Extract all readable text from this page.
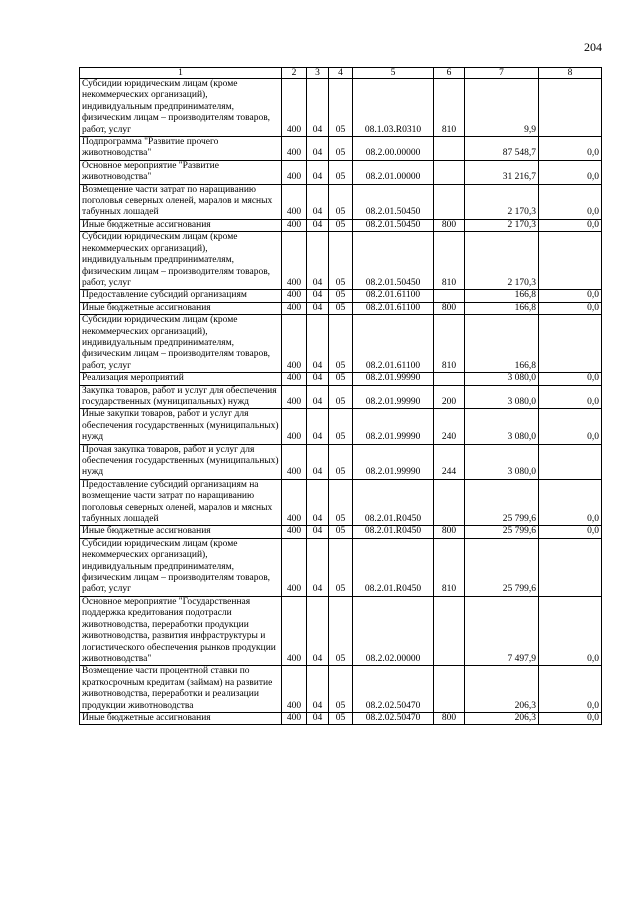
204
1	2	3	4	5	6	7	8
Субсидии юридическим лицам (кроме некоммерческих организаций), индивидуальным предпринимателям, физическим лицам – производителям товаров, работ, услуг	400	04	05	08.1.03.R0310	810	9,9	
Подпрограмма "Развитие прочего животноводства"	400	04	05	08.2.00.00000		87 548,7	0,0
Основное мероприятие "Развитие животноводства"	400	04	05	08.2.01.00000		31 216,7	0,0
Возмещение части затрат по наращиванию поголовья северных оленей, маралов и мясных табунных лошадей	400	04	05	08.2.01.50450		2 170,3	0,0
Иные бюджетные ассигнования	400	04	05	08.2.01.50450	800	2 170,3	0,0
Субсидии юридическим лицам (кроме некоммерческих организаций), индивидуальным предпринимателям, физическим лицам – производителям товаров, работ, услуг	400	04	05	08.2.01.50450	810	2 170,3	
Предоставление субсидий организациям	400	04	05	08.2.01.61100		166,8	0,0
Иные бюджетные ассигнования	400	04	05	08.2.01.61100	800	166,8	0,0
Субсидии юридическим лицам (кроме некоммерческих организаций), индивидуальным предпринимателям, физическим лицам – производителям товаров, работ, услуг	400	04	05	08.2.01.61100	810	166,8	
Реализация мероприятий	400	04	05	08.2.01.99990		3 080,0	0,0
Закупка товаров, работ и услуг для обеспечения государственных (муниципальных) нужд	400	04	05	08.2.01.99990	200	3 080,0	0,0
Иные закупки товаров, работ и услуг для обеспечения государственных (муниципальных) нужд	400	04	05	08.2.01.99990	240	3 080,0	0,0
Прочая закупка товаров, работ и услуг для обеспечения государственных (муниципальных) нужд	400	04	05	08.2.01.99990	244	3 080,0	
Предоставление субсидий организациям на возмещение части затрат по наращиванию поголовья северных оленей, маралов и мясных табунных лошадей	400	04	05	08.2.01.R0450		25 799,6	0,0
Иные бюджетные ассигнования	400	04	05	08.2.01.R0450	800	25 799,6	0,0
Субсидии юридическим лицам (кроме некоммерческих организаций), индивидуальным предпринимателям, физическим лицам – производителям товаров, работ, услуг	400	04	05	08.2.01.R0450	810	25 799,6	
Основное мероприятие "Государственная поддержка кредитования подотрасли животноводства, переработки продукции животноводства, развития инфраструктуры и логистического обеспечения рынков продукции животноводства"	400	04	05	08.2.02.00000		7 497,9	0,0
Возмещение части процентной ставки по краткосрочным кредитам (займам) на развитие животноводства, переработки и реализации продукции животноводства	400	04	05	08.2.02.50470		206,3	0,0
Иные бюджетные ассигнования	400	04	05	08.2.02.50470	800	206,3	0,0
